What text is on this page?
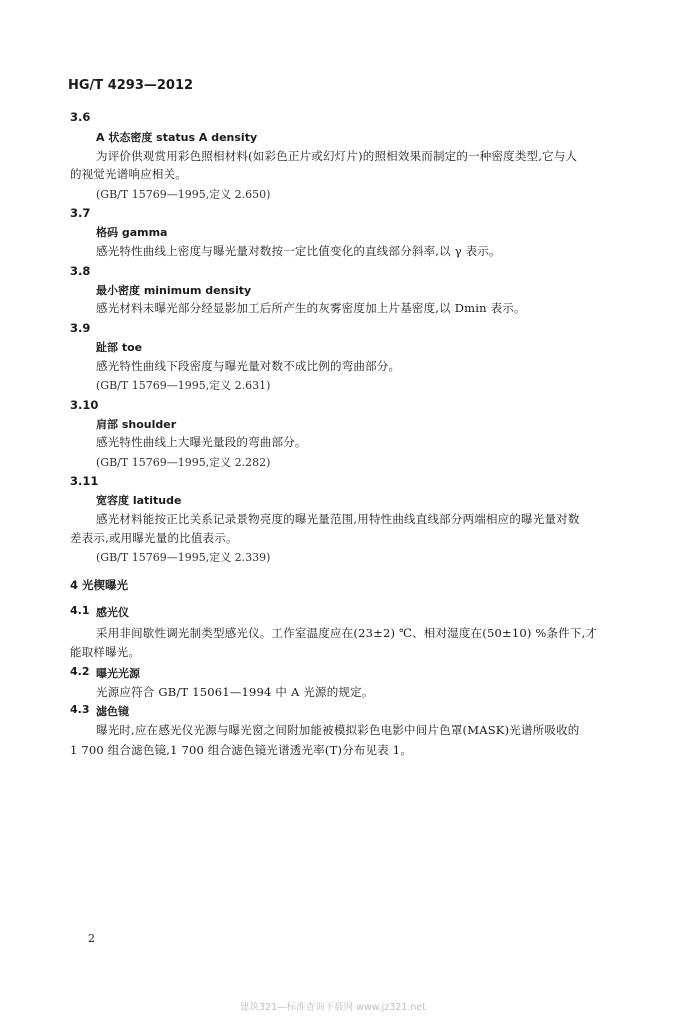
HG/T 4293—2012
3.6
A 状态密度 status A density
为评价供观赏用彩色照相材料(如彩色正片或幻灯片)的照相效果而制定的一种密度类型,它与人
的视觉光谱响应相关。
(GB/T 15769—1995,定义 2.650)
3.7
格码 gamma
感光特性曲线上密度与曝光量对数按一定比值变化的直线部分斜率,以 γ 表示。
3.8
最小密度 minimum density
感光材料未曝光部分经显影加工后所产生的灰雾密度加上片基密度,以 Dmin 表示。
3.9
趾部 toe
感光特性曲线下段密度与曝光量对数不成比例的弯曲部分。
(GB/T 15769—1995,定义 2.631)
3.10
肩部 shoulder
感光特性曲线上大曝光量段的弯曲部分。
(GB/T 15769—1995,定义 2.282)
3.11
宽容度 latitude
感光材料能按正比关系记录景物亮度的曝光量范围,用特性曲线直线部分两端相应的曝光量对数
差表示,或用曝光量的比值表示。
(GB/T 15769—1995,定义 2.339)
4 光楔曝光
4.1 感光仪
采用非间歇性调光制类型感光仪。工作室温度应在(23±2) ℃、相对湿度在(50±10) %条件下,才
能取样曝光。
4.2 曝光光源
光源应符合 GB/T 15061—1994 中 A 光源的规定。
4.3 滤色镜
曝光时,应在感光仪光源与曝光窗之间附加能被模拟彩色电影中间片色罩(MASK)光谱所吸收的
1 700 组合滤色镜,1 700 组合滤色镜光谱透光率(T)分布见表 1。
2
建筑321—标准查询下载网 www.jz321.net
